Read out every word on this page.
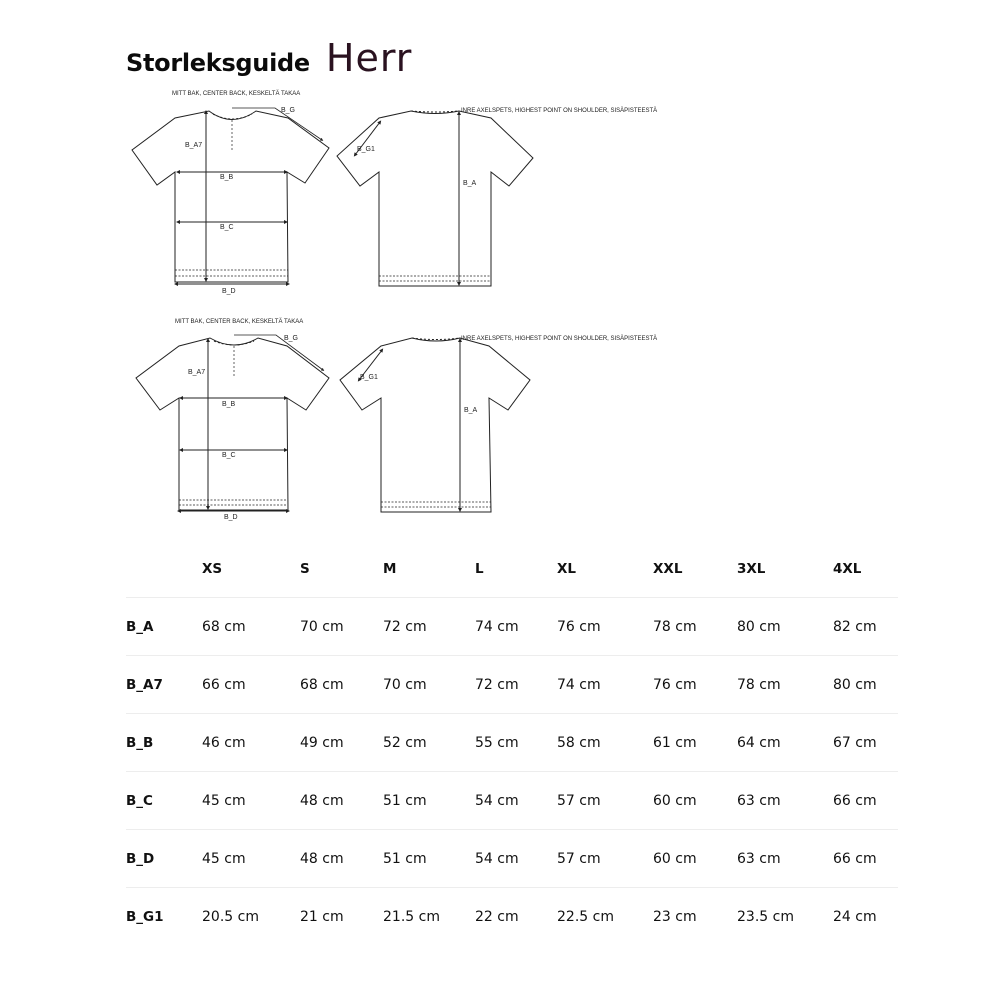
Storleksguide Herr
MITT BAK, CENTER BACK, KESKELTÄ TAKAA
B_G
B_A7
B_B
B_C
B_D
INRE AXELSPETS, HIGHEST POINT ON SHOULDER, SISÄPISTEESTÄ
B_G1
B_A
MITT BAK, CENTER BACK, KESKELTÄ TAKAA
B_G
B_A7
B_B
B_C
B_D
INRE AXELSPETS, HIGHEST POINT ON SHOULDER, SISÄPISTEESTÄ
B_G1
B_A
	XS	S	M	L	XL	XXL	3XL	4XL	
B_A	68 cm	70 cm	72 cm	74 cm	76 cm	78 cm	80 cm	82 cm	
B_A7	66 cm	68 cm	70 cm	72 cm	74 cm	76 cm	78 cm	80 cm	
B_B	46 cm	49 cm	52 cm	55 cm	58 cm	61 cm	64 cm	67 cm	
B_C	45 cm	48 cm	51 cm	54 cm	57 cm	60 cm	63 cm	66 cm	
B_D	45 cm	48 cm	51 cm	54 cm	57 cm	60 cm	63 cm	66 cm	
B_G1	20.5 cm	21 cm	21.5 cm	22 cm	22.5 cm	23 cm	23.5 cm	24 cm	
